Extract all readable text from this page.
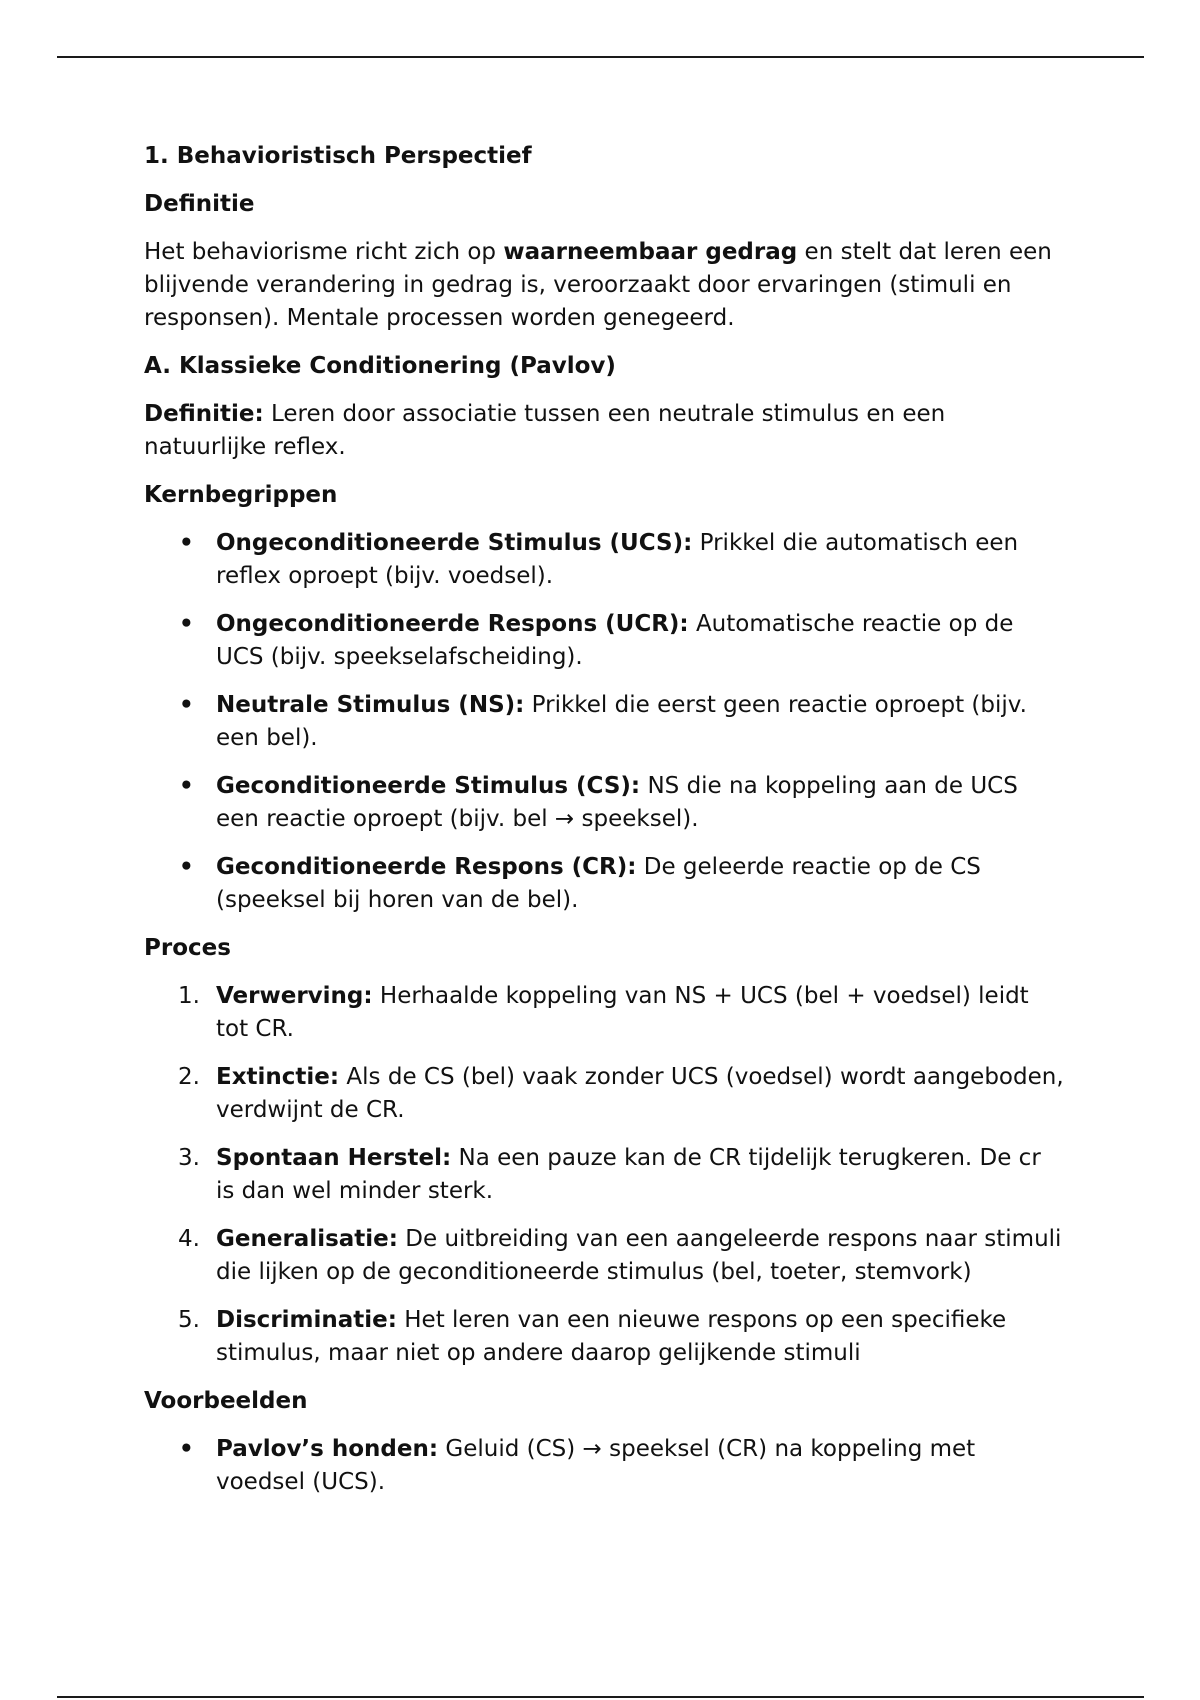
1. Behavioristisch Perspectief

Definitie

Het behaviorisme richt zich op waarneembaar gedrag en stelt dat leren een blijvende verandering in gedrag is, veroorzaakt door ervaringen (stimuli en responsen). Mentale processen worden genegeerd.

A. Klassieke Conditionering (Pavlov)

Definitie: Leren door associatie tussen een neutrale stimulus en een natuurlijke reflex.

Kernbegrippen

• Ongeconditioneerde Stimulus (UCS): Prikkel die automatisch een reflex oproept (bijv. voedsel).
• Ongeconditioneerde Respons (UCR): Automatische reactie op de UCS (bijv. speekselafscheiding).
• Neutrale Stimulus (NS): Prikkel die eerst geen reactie oproept (bijv. een bel).
• Geconditioneerde Stimulus (CS): NS die na koppeling aan de UCS een reactie oproept (bijv. bel → speeksel).
• Geconditioneerde Respons (CR): De geleerde reactie op de CS (speeksel bij horen van de bel).

Proces

1. Verwerving: Herhaalde koppeling van NS + UCS (bel + voedsel) leidt tot CR.
2. Extinctie: Als de CS (bel) vaak zonder UCS (voedsel) wordt aangeboden, verdwijnt de CR.
3. Spontaan Herstel: Na een pauze kan de CR tijdelijk terugkeren. De cr is dan wel minder sterk.
4. Generalisatie: De uitbreiding van een aangeleerde respons naar stimuli die lijken op de geconditioneerde stimulus (bel, toeter, stemvork)
5. Discriminatie: Het leren van een nieuwe respons op een specifieke stimulus, maar niet op andere daarop gelijkende stimuli

Voorbeelden

• Pavlov’s honden: Geluid (CS) → speeksel (CR) na koppeling met voedsel (UCS).
